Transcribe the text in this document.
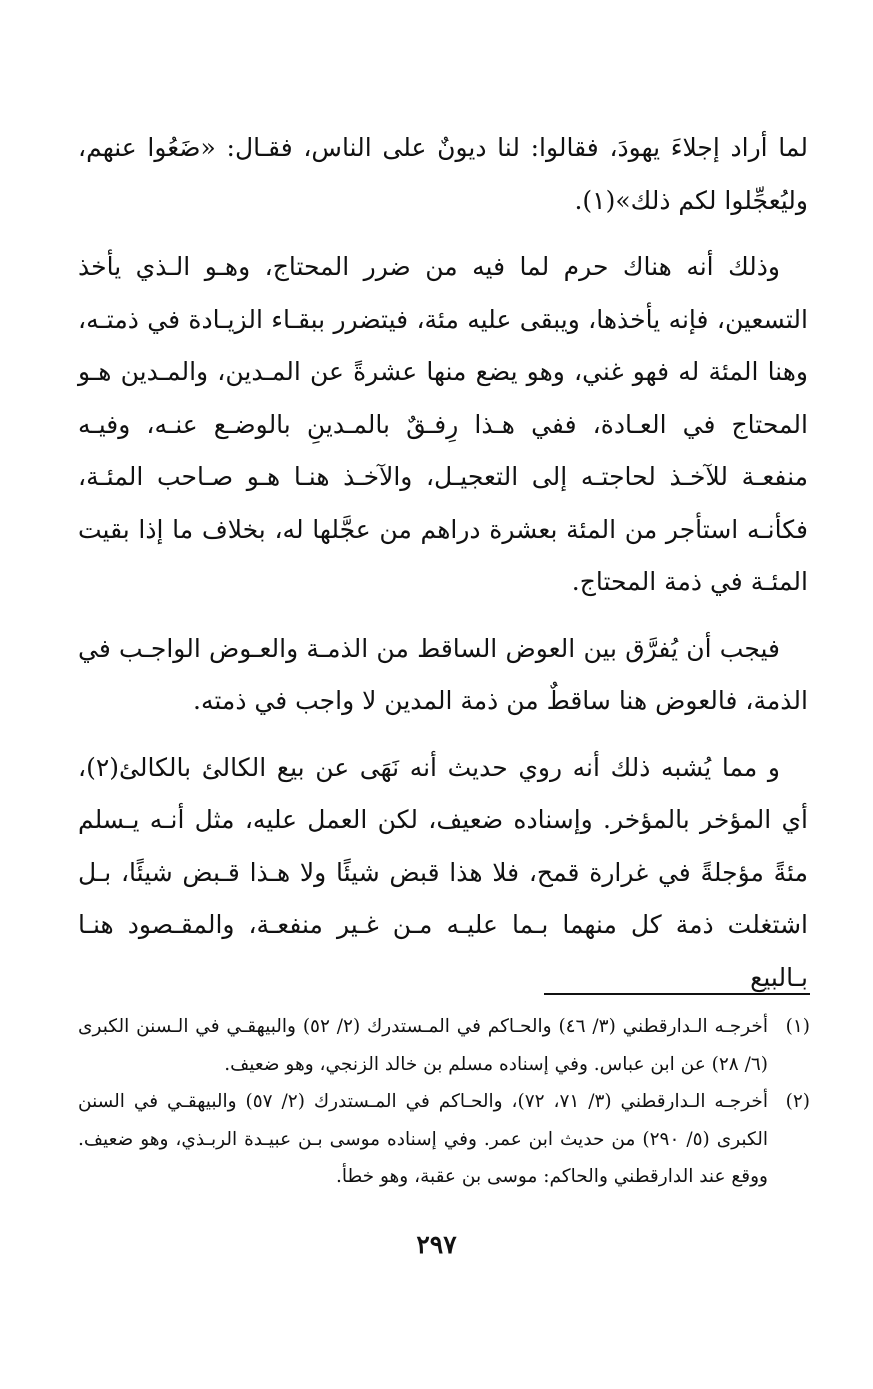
لما أراد إجلاءَ يهودَ، فقالوا: لنا ديونٌ على الناس، فقـال: «ضَعُوا عنهم، وليُعجِّلوا لكم ذلك»(١).

وذلك أنه هناك حرم لما فيه من ضرر المحتاج، وهـو الـذي يأخذ التسعين، فإنه يأخذها، ويبقى عليه مئة، فيتضرر ببقـاء الزيـادة في ذمتـه، وهنا المئة له فهو غني، وهو يضع منها عشرةً عن المـدين، والمـدين هـو المحتاج في العـادة، ففي هـذا رِفـقٌ بالمـدينِ بالوضـع عنـه، وفيـه منفعـة للآخـذ لحاجتـه إلى التعجيـل، والآخـذ هنـا هـو صـاحب المئـة، فكأنـه استأجر من المئة بعشرة دراهم من عجَّلها له، بخلاف ما إذا بقيت المئـة في ذمة المحتاج.

فيجب أن يُفرَّق بين العوض الساقط من الذمـة والعـوض الواجـب في الذمة، فالعوض هنا ساقطٌ من ذمة المدين لا واجب في ذمته.

و مما يُشبه ذلك أنه روي حديث أنه نَهَى عن بيع الكالئ بالكالئ(٢)، أي المؤخر بالمؤخر. وإسناده ضعيف، لكن العمل عليه، مثل أنـه يـسلم مئةً مؤجلةً في غرارة قمح، فلا هذا قبض شيئًا ولا هـذا قـبض شيئًا، بـل اشتغلت ذمة كل منهما بـما عليـه مـن غـير منفعـة، والمقـصود هنـا بـالبيع

(١)
أخرجـه الـدارقطني (٣/ ٤٦) والحـاكم في المـستدرك (٢/ ٥٢) والبيهقـي في الـسنن الكبرى (٦/ ٢٨) عن ابن عباس. وفي إسناده مسلم بن خالد الزنجي، وهو ضعيف.

(٢)
أخرجـه الـدارقطني (٣/ ٧١، ٧٢)، والحـاكم في المـستدرك (٢/ ٥٧) والبيهقـي في السنن الكبرى (٥/ ٢٩٠) من حديث ابن عمر. وفي إسناده موسى بـن عبيـدة الربـذي، وهو ضعيف. ووقع عند الدارقطني والحاكم: موسى بن عقبة، وهو خطأ.

٢٩٧
